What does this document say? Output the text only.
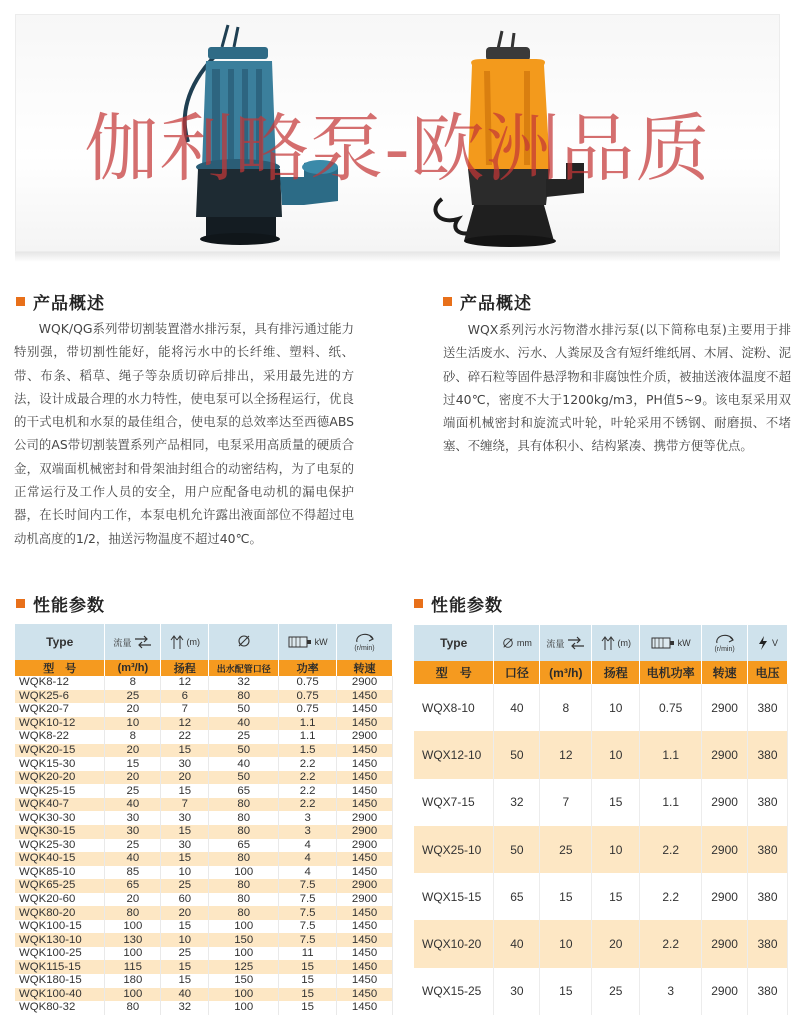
伽利略泵-欧洲品质
产品概述
WQK/QG系列带切割装置潜水排污泵，具有排污通过能力特别强，带切割性能好，能将污水中的长纤维、塑料、纸、带、布条、稻草、绳子等杂质切碎后排出，采用最先进的方法，设计成最合理的水力特性，使电泵可以全扬程运行，优良的干式电机和水泵的最佳组合，使电泵的总效率达至西德ABS公司的AS带切割装置系列产品相同，电泵采用高质量的硬质合金，双端面机械密封和骨架油封组合的动密结构，为了电泵的正常运行及工作人员的安全，用户应配备电动机的漏电保护器，在长时间内工作，本泵电机允许露出液面部位不得超过电动机高度的1/2，抽送污物温度不超过40℃。
产品概述
WQX系列污水污物潜水排污泵(以下简称电泵)主要用于排送生活废水、污水、人粪尿及含有短纤维纸屑、木屑、淀粉、泥砂、碎石粒等固件悬浮物和非腐蚀性介质，被抽送液体温度不超过40℃，密度不大于1200kg/m3，PH值5~9。该电泵采用双端面机械密封和旋流式叶轮，叶轮采用不锈钢、耐磨损、不堵塞、不缠绕，具有体积小、结构紧凑、携带方便等优点。
性能参数	性能参数
Type	流量	(m)		kW	(r/min)

型　号	(m³/h)	扬程	出水配管口径	功率	转速
WQK8-12	8	12	32	0.75	2900
WQK25-6	25	6	80	0.75	1450
WQK20-7	20	7	50	0.75	1450
WQK10-12	10	12	40	1.1	1450
WQK8-22	8	22	25	1.1	2900
WQK20-15	20	15	50	1.5	1450
WQK15-30	15	30	40	2.2	1450
WQK20-20	20	20	50	2.2	1450
WQK25-15	25	15	65	2.2	1450
WQK40-7	40	7	80	2.2	1450
WQK30-30	30	30	80	3	2900
WQK30-15	30	15	80	3	2900
WQK25-30	25	30	65	4	2900
WQK40-15	40	15	80	4	1450
WQK85-10	85	10	100	4	1450
WQK65-25	65	25	80	7.5	2900
WQK20-60	20	60	80	7.5	2900
WQK80-20	80	20	80	7.5	1450
WQK100-15	100	15	100	7.5	1450
WQK130-10	130	10	150	7.5	1450
WQK100-25	100	25	100	11	1450
WQK115-15	115	15	125	15	1450
WQK180-15	180	15	150	15	1450
WQK100-40	100	40	100	15	1450
WQK80-32	80	32	100	15	1450
Type	mm	流量	(m)	kW	(r/min)	V

型　号	口径	(m³/h)	扬程	电机功率	转速	电压
WQX8-10	40	8	10	0.75	2900	380
WQX12-10	50	12	10	1.1	2900	380
WQX7-15	32	7	15	1.1	2900	380
WQX25-10	50	25	10	2.2	2900	380
WQX15-15	65	15	15	2.2	2900	380
WQX10-20	40	10	20	2.2	2900	380
WQX15-25	30	15	25	3	2900	380
